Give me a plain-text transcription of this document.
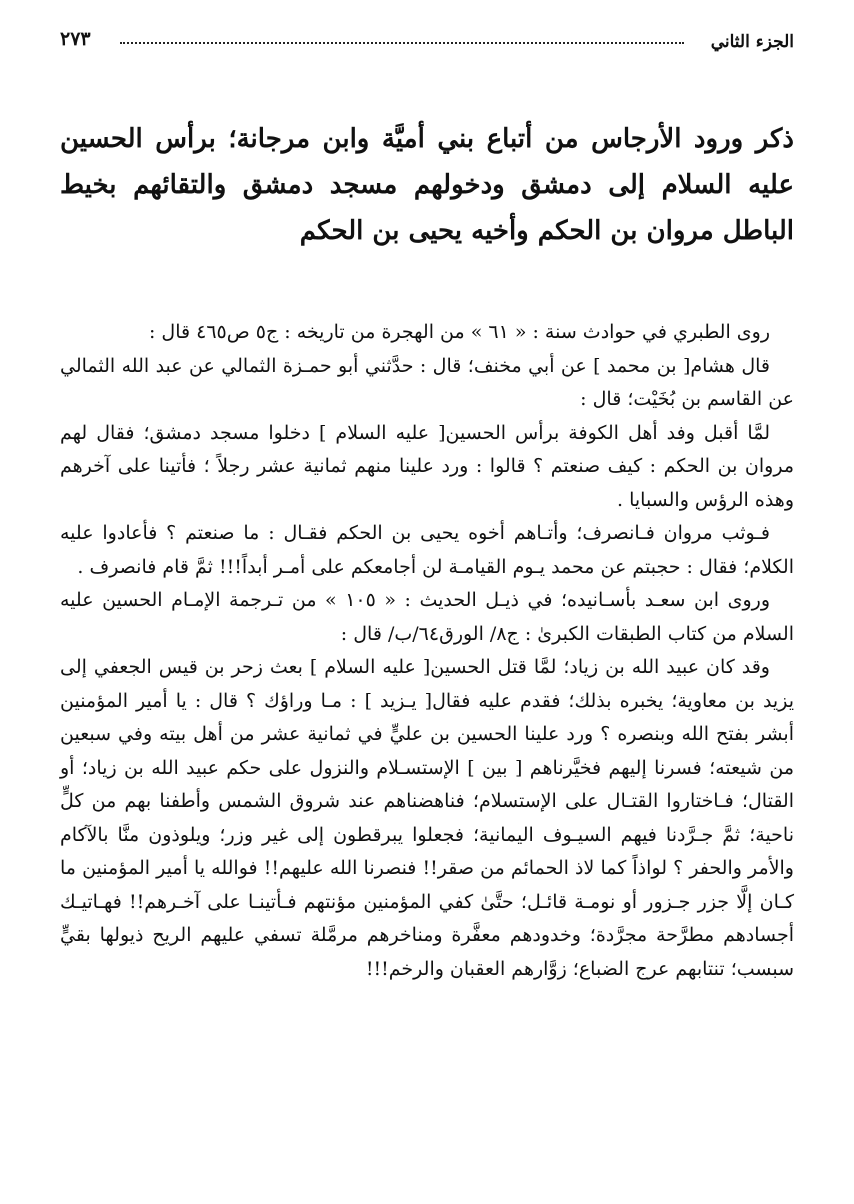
الجزء الثاني
٢٧٣
ذكر ورود الأرجاس من أتباع بني أميَّة وابن مرجانة؛ برأس الحسين عليه السلام إلى دمشق ودخولهم مسجد دمشق والتقائهم بخيط الباطل مروان بن الحكم وأخيه يحيى بن الحكم

روى الطبري في حوادث سنة : « ٦١ » من الهجرة من تاريخه : ج٥ ص٤٦٥ قال :

قال هشام[ بن محمد ] عن أبي مخنف؛ قال : حدَّثني أبو حمـزة الثمالي عن عبد الله الثمالي عن القاسم بن بُخَيْت؛ قال :

لمَّا أقبل وفد أهل الكوفة برأس الحسين[ عليه السلام ] دخلوا مسجد دمشق؛ فقال لهم مروان بن الحكم : كيف صنعتم ؟ قالوا : ورد علينا منهم ثمانية عشر رجلاً ؛ فأتينا على آخرهم وهذه الرؤس والسبايا .

فـوثب مروان فـانصرف؛ وأتـاهم أخوه يحيى بن الحكم فقـال : ما صنعتم ؟ فأعادوا عليه الكلام؛ فقال : حجبتم عن محمد يـوم القيامـة لن أجامعكم على أمـر أبداً!!! ثمَّ قام فانصرف .

وروى ابن سعـد بأسـانيده؛ في ذيـل الحديث : « ١٠٥ » من تـرجمة الإمـام الحسين عليه السلام من كتاب الطبقات الكبرىٰ : ج٨/ الورق٦٤/ب/ قال :

وقد كان عبيد الله بن زياد؛ لمَّا قتل الحسين[ عليه السلام ] بعث زحر بن قيس الجعفي إلى يزيد بن معاوية؛ يخبره بذلك؛ فقدم عليه فقال[ يـزيد ] : مـا وراؤك ؟ قال : يا أمير المؤمنين أبشر بفتح الله وبنصره ؟ ورد علينا الحسين بن عليٍّ في ثمانية عشر من أهل بيته وفي سبعين من شيعته؛ فسرنا إليهم فخيَّرناهم [ بين ] الإستسـلام والنزول على حكم عبيد الله بن زياد؛ أو القتال؛ فـاختاروا القتـال على الإستسلام؛ فناهضناهم عند شروق الشمس وأطفنا بهم من كلٍّ ناحية؛ ثمَّ جـرَّدنا فيهم السيـوف اليمانية؛ فجعلوا يبرقطون إلى غير وزر؛ ويلوذون منَّا بالآكام والأمر والحفر ؟ لواذاً كما لاذ الحمائم من صقر!! فنصرنا الله عليهم!! فوالله يا أمير المؤمنين ما كـان إلَّا جزر جـزور أو نومـة قائـل؛ حتَّىٰ كفي المؤمنين مؤنتهم فـأتينـا على آخـرهم!! فهـاتيـك أجسادهم مطرَّحة مجرَّدة؛ وخدودهم معفَّرة ومناخرهم مرمَّلة تسفي عليهم الريح ذيولها بقيٍّ سبسب؛ تنتابهم عرج الضباع؛ زوَّارهم العقبان والرخم!!!
